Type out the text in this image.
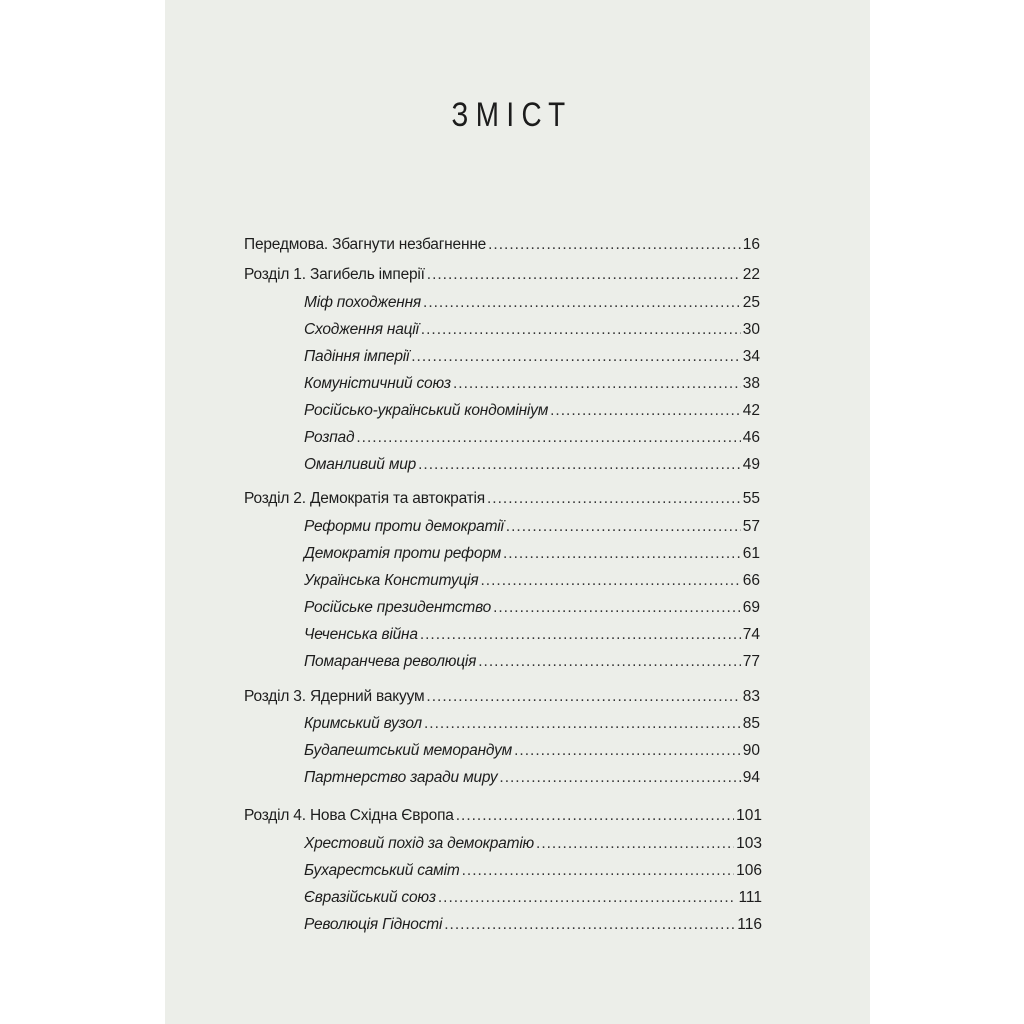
ЗМІСТ
Передмова. Збагнути незбагненне .....	16
Розділ 1. Загибель імперії .....	22
Міф походження .....	25
Сходження нації .....	30
Падіння імперії .....	34
Комуністичний союз .....	38
Російсько-український кондомініум .....	42
Розпад .....	46
Оманливий мир .....	49
Розділ 2. Демократія та автократія .....	55
Реформи проти демократії .....	57
Демократія проти реформ .....	61
Українська Конституція .....	66
Російське президентство .....	69
Чеченська війна .....	74
Помаранчева революція .....	77
Розділ 3. Ядерний вакуум .....	83
Кримський вузол .....	85
Будапештський меморандум .....	90
Партнерство заради миру .....	94
Розділ 4. Нова Східна Європа .....	101
Хрестовий похід за демократію .....	103
Бухарестський саміт .....	106
Євразійський союз .....	111
Революція Гідності .....	116
